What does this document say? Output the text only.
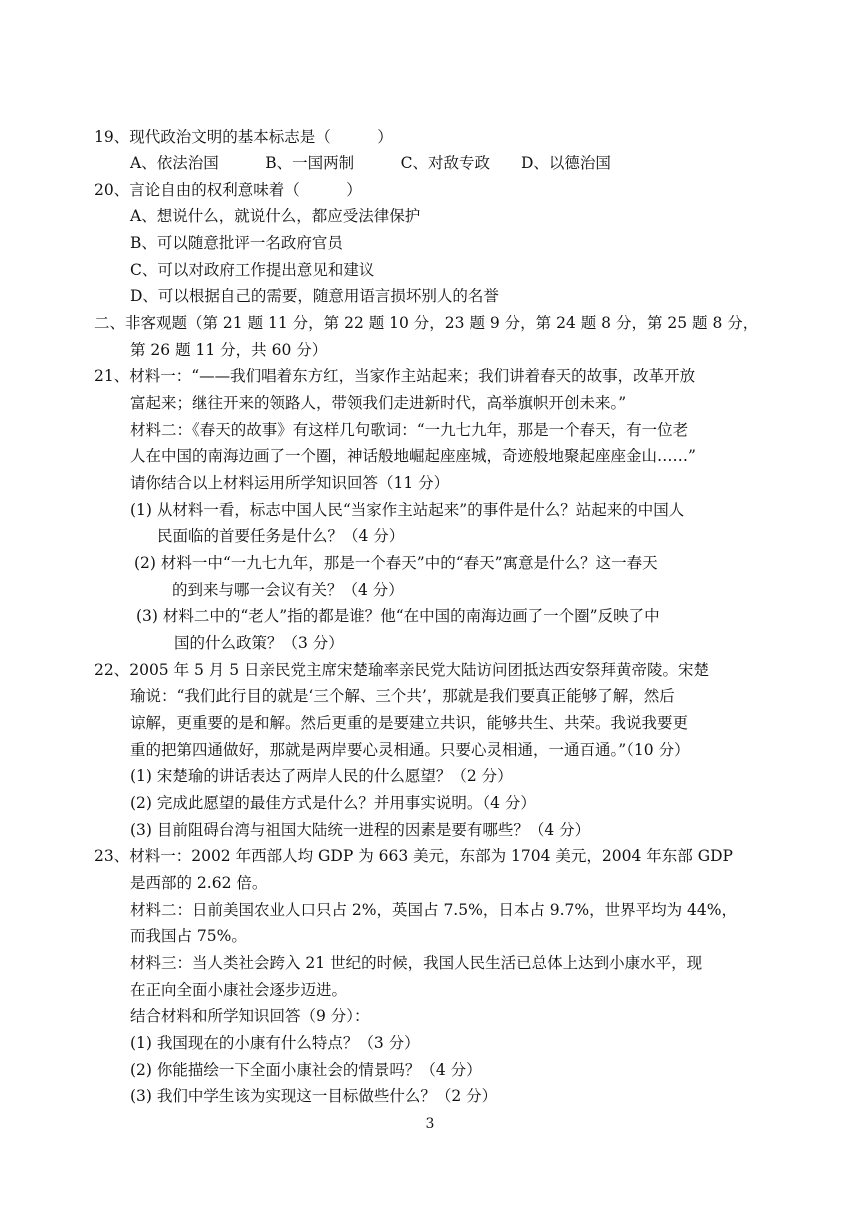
19、现代政治文明的基本标志是（　　　）
A、依法治国　　　B、一国两制　　　C、对敌专政　　D、以德治国
20、言论自由的权利意味着（　　　）
A、想说什么，就说什么，都应受法律保护
B、可以随意批评一名政府官员
C、可以对政府工作提出意见和建议
D、可以根据自己的需要，随意用语言损坏别人的名誉
二、非客观题（第 21 题 11 分，第 22 题 10 分，23 题 9 分，第 24 题 8 分，第 25 题 8 分，
第 26 题 11 分，共 60 分）
21、材料一：“——我们唱着东方红，当家作主站起来；我们讲着春天的故事，改革开放
富起来；继往开来的领路人，带领我们走进新时代，高举旗帜开创未来。”
材料二：《春天的故事》有这样几句歌词：“一九七九年，那是一个春天，有一位老
人在中国的南海边画了一个圈，神话般地崛起座座城，奇迹般地聚起座座金山……”
请你结合以上材料运用所学知识回答（11 分）
(1) 从材料一看，标志中国人民“当家作主站起来”的事件是什么？站起来的中国人
民面临的首要任务是什么？（4 分）
(2) 材料一中“一九七九年，那是一个春天”中的“春天”寓意是什么？这一春天
的到来与哪一会议有关？（4 分）
(3) 材料二中的“老人”指的都是谁？他“在中国的南海边画了一个圈”反映了中
国的什么政策？（3 分）
22、2005 年 5 月 5 日亲民党主席宋楚瑜率亲民党大陆访问团抵达西安祭拜黄帝陵。宋楚
瑜说：“我们此行目的就是‘三个解、三个共’，那就是我们要真正能够了解，然后
谅解，更重要的是和解。然后更重的是要建立共识，能够共生、共荣。我说我要更
重的把第四通做好，那就是两岸要心灵相通。只要心灵相通，一通百通。”（10 分）
(1) 宋楚瑜的讲话表达了两岸人民的什么愿望？（2 分）
(2) 完成此愿望的最佳方式是什么？并用事实说明。（4 分）
(3) 目前阻碍台湾与祖国大陆统一进程的因素是要有哪些？（4 分）
23、材料一：2002 年西部人均 GDP 为 663 美元，东部为 1704 美元，2004 年东部 GDP
是西部的 2.62 倍。
材料二：日前美国农业人口只占 2%，英国占 7.5%，日本占 9.7%，世界平均为 44%，
而我国占 75%。
材料三：当人类社会跨入 21 世纪的时候，我国人民生活已总体上达到小康水平，现
在正向全面小康社会逐步迈进。
结合材料和所学知识回答（9 分）：
(1) 我国现在的小康有什么特点？（3 分）
(2) 你能描绘一下全面小康社会的情景吗？（4 分）
(3) 我们中学生该为实现这一目标做些什么？（2 分）
3
